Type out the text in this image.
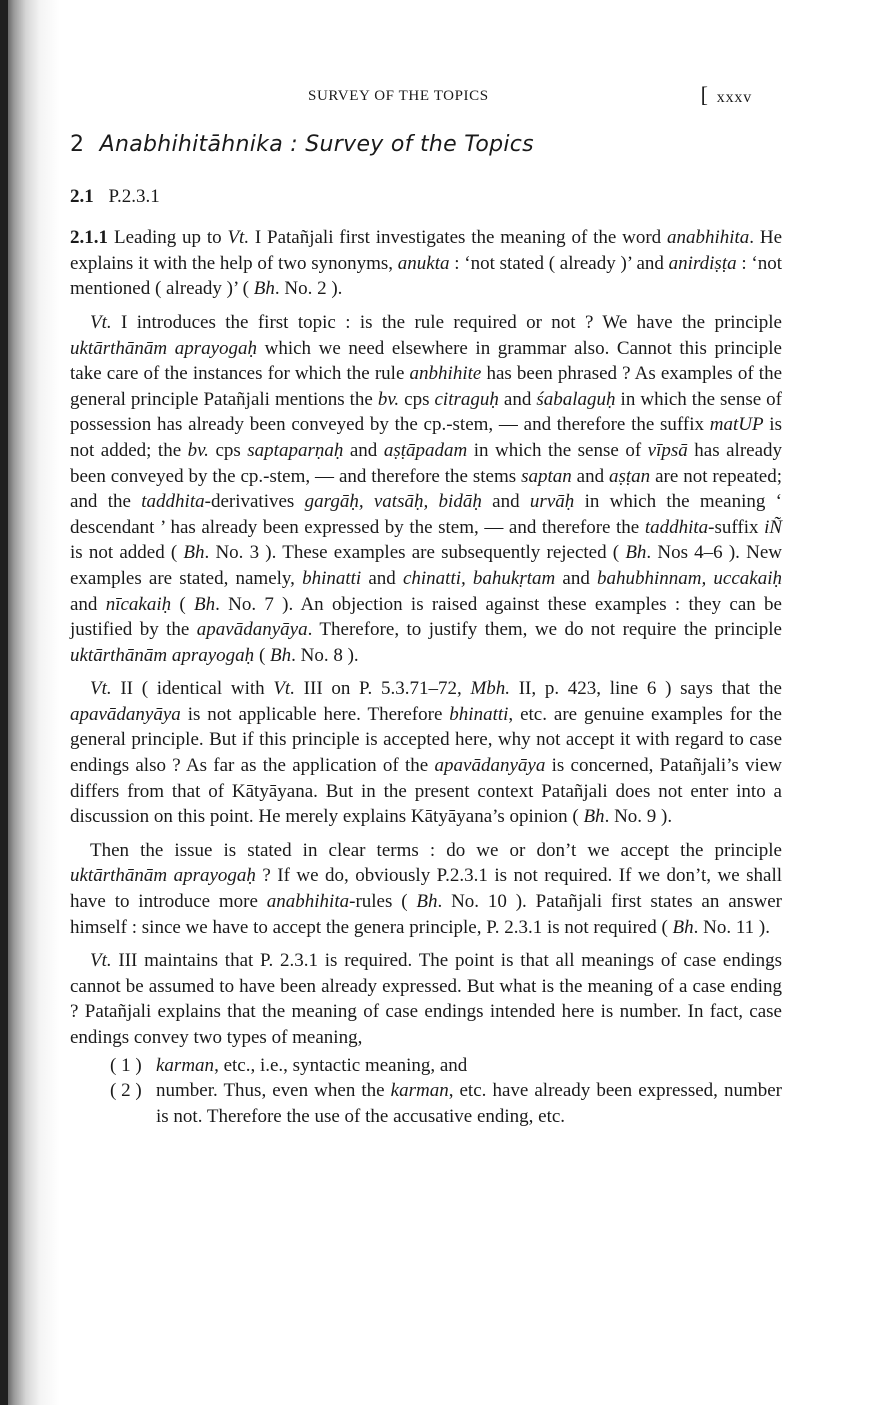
SURVEY OF THE TOPICS	[ xxxv
2 Anabhihitāhnika : Survey of the Topics
2.1 P.2.3.1

2.1.1 Leading up to Vt. I Patañjali first investigates the meaning of the word anabhihita. He explains it with the help of two synonyms, anukta : ‘not stated ( already )’ and anirdiṣṭa : ‘not mentioned ( already )’ ( Bh. No. 2 ).

Vt. I introduces the first topic : is the rule required or not ? We have the principle uktārthānām aprayogaḥ which we need elsewhere in grammar also. Cannot this principle take care of the instances for which the rule anbhihite has been phrased ? As examples of the general principle Patañjali mentions the bv. cps citraguḥ and śabalaguḥ in which the sense of possession has already been conveyed by the cp.-stem, — and therefore the suffix matUP is not added; the bv. cps saptaparṇaḥ and aṣṭāpadam in which the sense of vīpsā has already been conveyed by the cp.-stem, — and therefore the stems saptan and aṣṭan are not repeated; and the taddhita-derivatives gargāḥ, vatsāḥ, bidāḥ and urvāḥ in which the meaning ‘ descendant ’ has already been expressed by the stem, — and therefore the taddhita-suffix iÑ is not added ( Bh. No. 3 ). These examples are subsequently rejected ( Bh. Nos 4–6 ). New examples are stated, namely, bhinatti and chinatti, bahukṛtam and bahubhinnam, uccakaiḥ and nīcakaiḥ ( Bh. No. 7 ). An objection is raised against these examples : they can be justified by the apavādanyāya. Therefore, to justify them, we do not require the principle uktārthānām aprayogaḥ ( Bh. No. 8 ).

Vt. II ( identical with Vt. III on P. 5.3.71–72, Mbh. II, p. 423, line 6 ) says that the apavādanyāya is not applicable here. Therefore bhinatti, etc. are genuine examples for the general principle. But if this principle is accepted here, why not accept it with regard to case endings also ? As far as the application of the apavādanyāya is concerned, Patañjali’s view differs from that of Kātyāyana. But in the present context Patañjali does not enter into a discussion on this point. He merely explains Kātyāyana’s opinion ( Bh. No. 9 ).

Then the issue is stated in clear terms : do we or don’t we accept the principle uktārthānām aprayogaḥ ? If we do, obviously P.2.3.1 is not required. If we don’t, we shall have to introduce more anabhihita-rules ( Bh. No. 10 ). Patañjali first states an answer himself : since we have to accept the genera principle, P. 2.3.1 is not required ( Bh. No. 11 ).

Vt. III maintains that P. 2.3.1 is required. The point is that all meanings of case endings cannot be assumed to have been already expressed. But what is the meaning of a case ending ? Patañjali explains that the meaning of case endings intended here is number. In fact, case endings convey two types of meaning,

( 1 ) karman, etc., i.e., syntactic meaning, and
( 2 ) number. Thus, even when the karman, etc. have already been expressed, number is not. Therefore the use of the accusative ending, etc.
